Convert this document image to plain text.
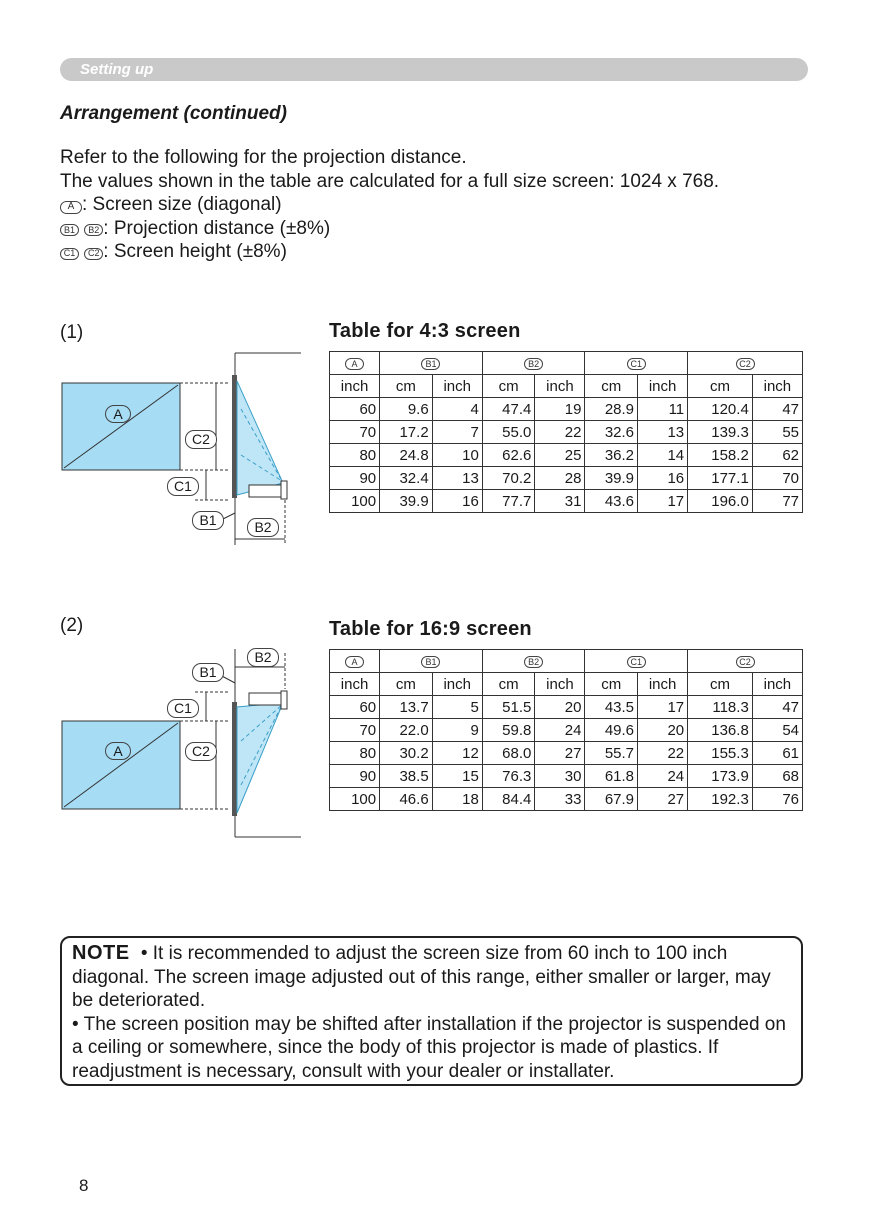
Setting up
Arrangement (continued)
Refer to the following for the projection distance.
The values shown in the table are calculated for a full size screen: 1024 x 768.
A : Screen size (diagonal)
B1 B2 : Projection distance (±8%)
C1 C2 : Screen height (±8%)
(1)
A
C2
C1
B1	B2
Table for 4:3 screen
A	B1		B2		C1		C2	
inch	cm	inch	cm	inch	cm	inch	cm	inch
60	9.6	4	47.4	19	28.9	11	120.4	47
70	17.2	7	55.0	22	32.6	13	139.3	55
80	24.8	10	62.6	25	36.2	14	158.2	62
90	32.4	13	70.2	28	39.9	16	177.1	70
100	39.9	16	77.7	31	43.6	17	196.0	77
(2)
B2
B1
C1
A	C2
Table for 16:9 screen
A	B1		B2		C1		C2	
inch	cm	inch	cm	inch	cm	inch	cm	inch
60	13.7	5	51.5	20	43.5	17	118.3	47
70	22.0	9	59.8	24	49.6	20	136.8	54
80	30.2	12	68.0	27	55.7	22	155.3	61
90	38.5	15	76.3	30	61.8	24	173.9	68
100	46.6	18	84.4	33	67.9	27	192.3	76
NOTE • It is recommended to adjust the screen size from 60 inch to 100 inch diagonal. The screen image adjusted out of this range, either smaller or larger, may be deteriorated.
• The screen position may be shifted after installation if the projector is suspended on a ceiling or somewhere, since the body of this projector is made of plastics. If readjustment is necessary, consult with your dealer or installater.
8
